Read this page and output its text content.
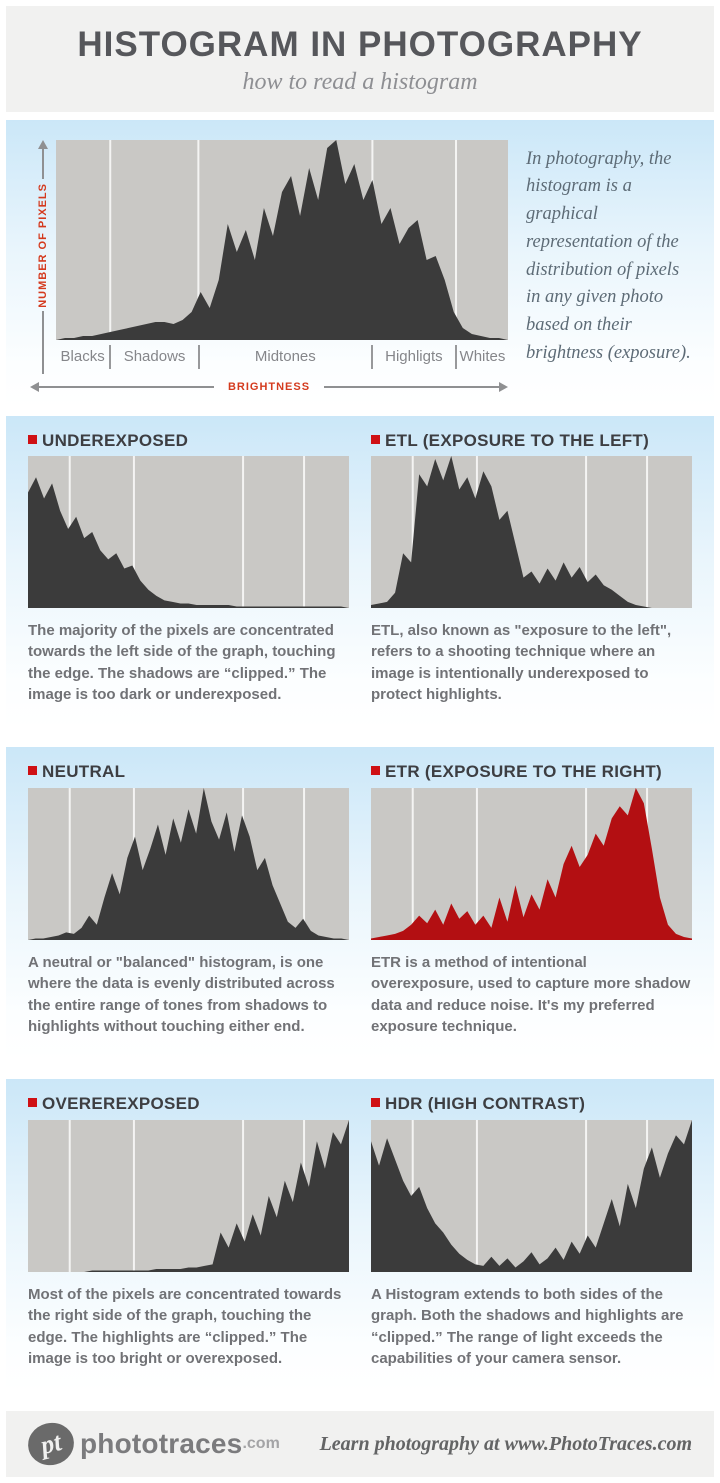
HISTOGRAM IN PHOTOGRAPHY
how to read a histogram
NUMBER OF PIXELS
Blacks	Shadows	Midtones	Highligts	Whites
BRIGHTNESS
In photography, the histogram is a graphical representation of the distribution of pixels in any given photo based on their brightness (exposure).
UNDEREXPOSED
The majority of the pixels are concentrated towards the left side of the graph, touching the edge. The shadows are “clipped.” The image is too dark or underexposed.
ETL (EXPOSURE TO THE LEFT)
ETL, also known as "exposure to the left", refers to a shooting technique where an image is intentionally underexposed to protect highlights.
NEUTRAL
A neutral or "balanced" histogram, is one where the data is evenly distributed across the entire range of tones from shadows to highlights without touching either end.
ETR (EXPOSURE TO THE RIGHT)
ETR is a method of intentional overexposure, used to capture more shadow data and reduce noise. It's my preferred exposure technique.
OVEREREXPOSED
Most of the pixels are concentrated towards the right side of the graph, touching the edge. The highlights are “clipped.” The image is too bright or overexposed.
HDR (HIGH CONTRAST)
A Histogram extends to both sides of the graph. Both the shadows and highlights are “clipped.” The range of light exceeds the capabilities of your camera sensor.
pt phototraces .com Learn photography at www.PhotoTraces.com
